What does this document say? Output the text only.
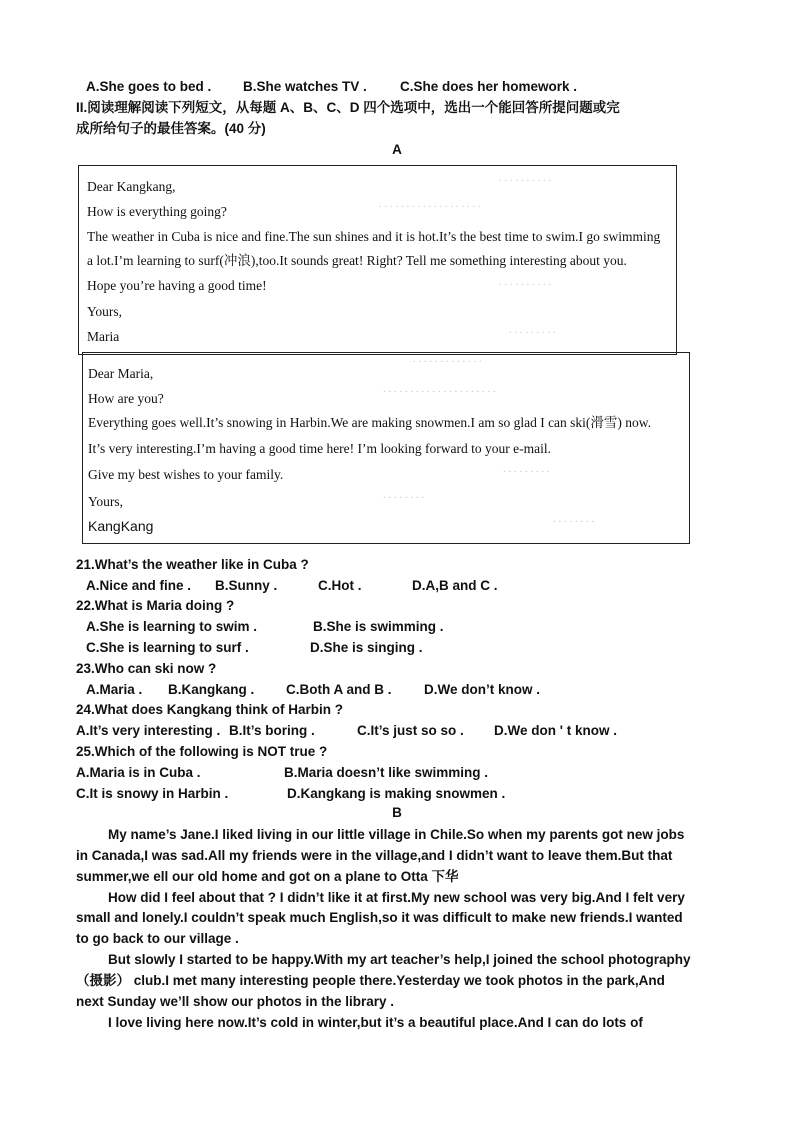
A.She goes to bed . B.She watches TV . C.She does her homework .
II.阅读理解阅读下列短文，从每题 A、B、C、D 四个选项中，选出一个能回答所提问题或完
成所给句子的最佳答案。(40 分)
A
. . . . . . . . . .
. . . . . . . . . . . . . . . . . . .
. . . . . . . . . .
. . . . . . . . .
Dear Kangkang,
How is everything going?
The weather in Cuba is nice and fine.The sun shines and it is hot.It’s the best time to swim.I go swimming
a lot.I’m learning to surf(冲浪),too.It sounds great! Right? Tell me something interesting about you.
Hope you’re having a good time!
Yours,
Maria
. . . . . . . . . . . . .
. . . . . . . . . . . . . . . . . . . . .
. . . . . . . . .
. . . . . . . .
. . . . . . . .
Dear Maria,
How are you?
Everything goes well.It’s snowing in Harbin.We are making snowmen.I am so glad I can ski(滑雪) now.
It’s very interesting.I’m having a good time here! I’m looking forward to your e-mail.
Give my best wishes to your family.
Yours,
KangKang
21.What’s the weather like in Cuba ?
A.Nice and fine . B.Sunny .	C.Hot .	D.A,B and C .
22.What is Maria doing ?
A.She is learning to swim .	B.She is swimming .
C.She is learning to surf .	D.She is singing .
23.Who can ski now ?
A.Maria . B.Kangkang . C.Both A and B . D.We don’t know .
24.What does Kangkang think of Harbin ?
A.It’s very interesting . B.It’s boring .	C.It’s just so so . D.We don ' t know .
25.Which of the following is NOT true ?
A.Maria is in Cuba .	B.Maria doesn’t like swimming .
C.It is snowy in Harbin .	D.Kangkang is making snowmen .
B
My name’s Jane.I liked living in our little village in Chile.So when my parents got new jobs
in Canada,I was sad.All my friends were in the village,and I didn’t want to leave them.But that
summer,we ell our old home and got on a plane to Otta 下华
How did I feel about that ? I didn’t like it at first.My new school was very big.And I felt very
small and lonely.I couldn’t speak much English,so it was difficult to make new friends.I wanted
to go back to our village .
But slowly I started to be happy.With my art teacher’s help,I joined the school photography
（摄影） club.I met many interesting people there.Yesterday we took photos in the park,And
next Sunday we’ll show our photos in the library .
I love living here now.It’s cold in winter,but it’s a beautiful place.And I can do lots of
